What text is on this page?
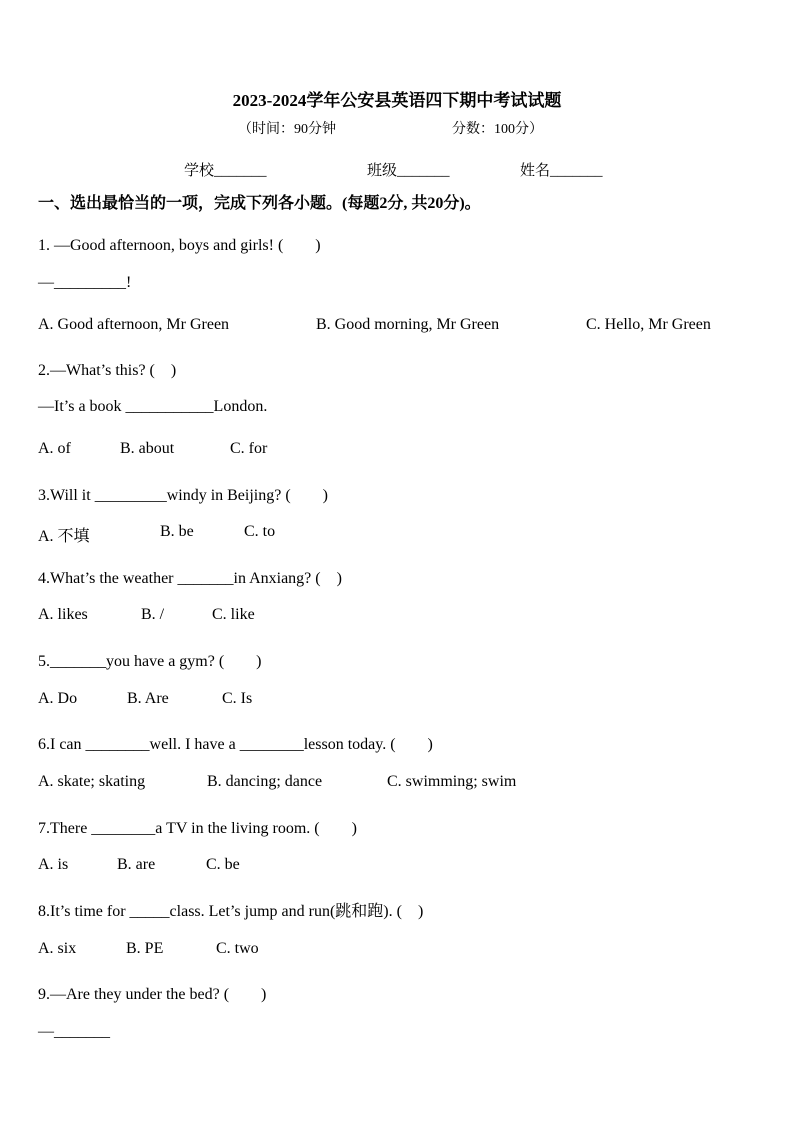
2023-2024学年公安县英语四下期中考试试题
（时间：90分钟	分数：100分）
学校_______	班级_______	姓名_______
一、选出最恰当的一项，完成下列各小题。(每题2分, 共20分)。
1. —Good afternoon, boys and girls! (　　)
—_________!
A. Good afternoon, Mr Green	B. Good morning, Mr Green	C. Hello, Mr Green
2.—What’s this? (　)
—It’s a book ___________London.
A. of	B. about	C. for
3.Will it _________windy in Beijing? (　　)
A. 不填	B. be	C. to
4.What’s the weather _______in Anxiang? (　)
A. likes	B. /	C. like
5._______you have a gym? (　　)
A. Do	B. Are	C. Is
6.I can ________well. I have a ________lesson today. (　　)
A. skate; skating	B. dancing; dance	C. swimming; swim
7.There ________a TV in the living room. (　　)
A. is	B. are	C. be
8.It’s time for _____class. Let’s jump and run(跳和跑). (　)
A. six	B. PE	C. two
9.—Are they under the bed? (　　)
—_______
